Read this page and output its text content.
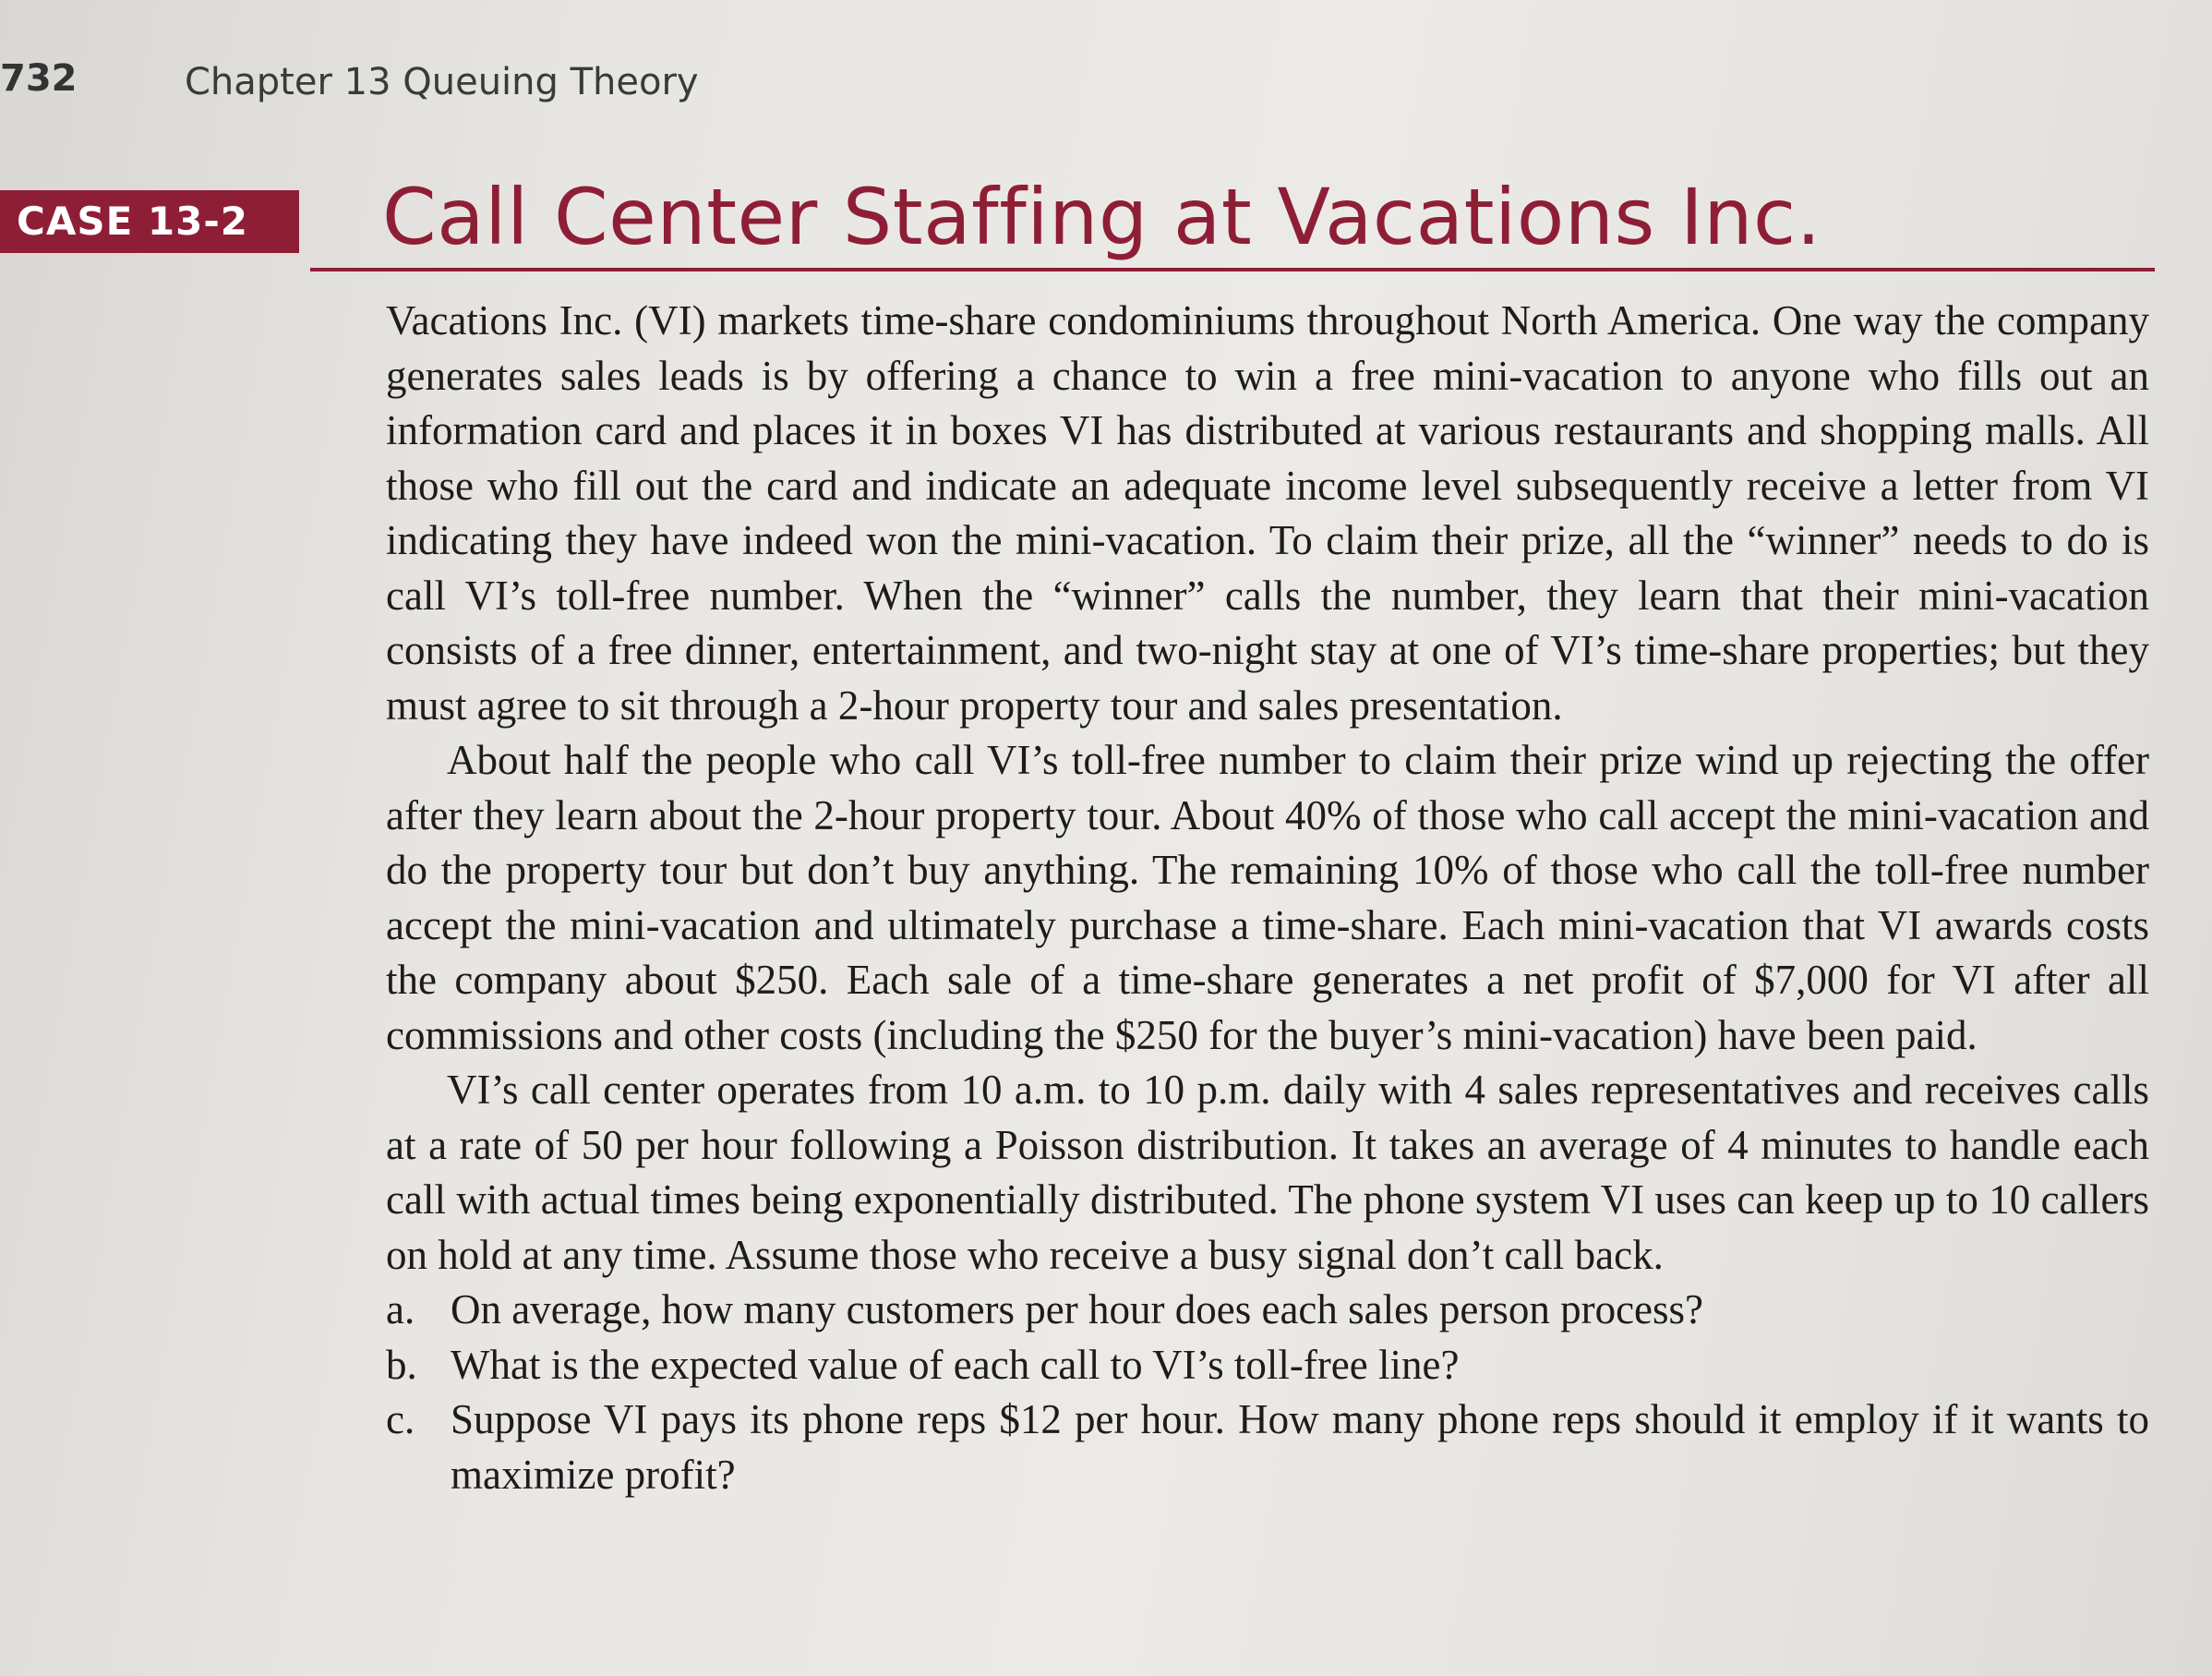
732	Chapter 13 Queuing Theory
CASE 13-2	Call Center Staffing at Vacations Inc.

Vacations Inc. (VI) markets time-share condominiums throughout North America. One way the company generates sales leads is by offering a chance to win a free mini-vacation to anyone who fills out an information card and places it in boxes VI has distributed at various restaurants and shopping malls. All those who fill out the card and indicate an adequate income level subsequently receive a letter from VI indicating they have indeed won the mini-vacation. To claim their prize, all the “winner” needs to do is call VI’s toll-free number. When the “winner” calls the number, they learn that their mini-vacation consists of a free dinner, entertainment, and two-night stay at one of VI’s time-share properties; but they must agree to sit through a 2-hour property tour and sales presentation.

About half the people who call VI’s toll-free number to claim their prize wind up rejecting the offer after they learn about the 2-hour property tour. About 40% of those who call accept the mini-vacation and do the property tour but don’t buy anything. The remaining 10% of those who call the toll-free number accept the mini-vacation and ultimately purchase a time-share. Each mini-vacation that VI awards costs the company about $250. Each sale of a time-share generates a net profit of $7,000 for VI after all commissions and other costs (including the $250 for the buyer’s mini-vacation) have been paid.

VI’s call center operates from 10 a.m. to 10 p.m. daily with 4 sales representatives and receives calls at a rate of 50 per hour following a Poisson distribution. It takes an average of 4 minutes to handle each call with actual times being exponentially distributed. The phone system VI uses can keep up to 10 callers on hold at any time. Assume those who receive a busy signal don’t call back.

a. On average, how many customers per hour does each sales person process?
b. What is the expected value of each call to VI’s toll-free line?
c. Suppose VI pays its phone reps $12 per hour. How many phone reps should it employ if it wants to maximize profit?
